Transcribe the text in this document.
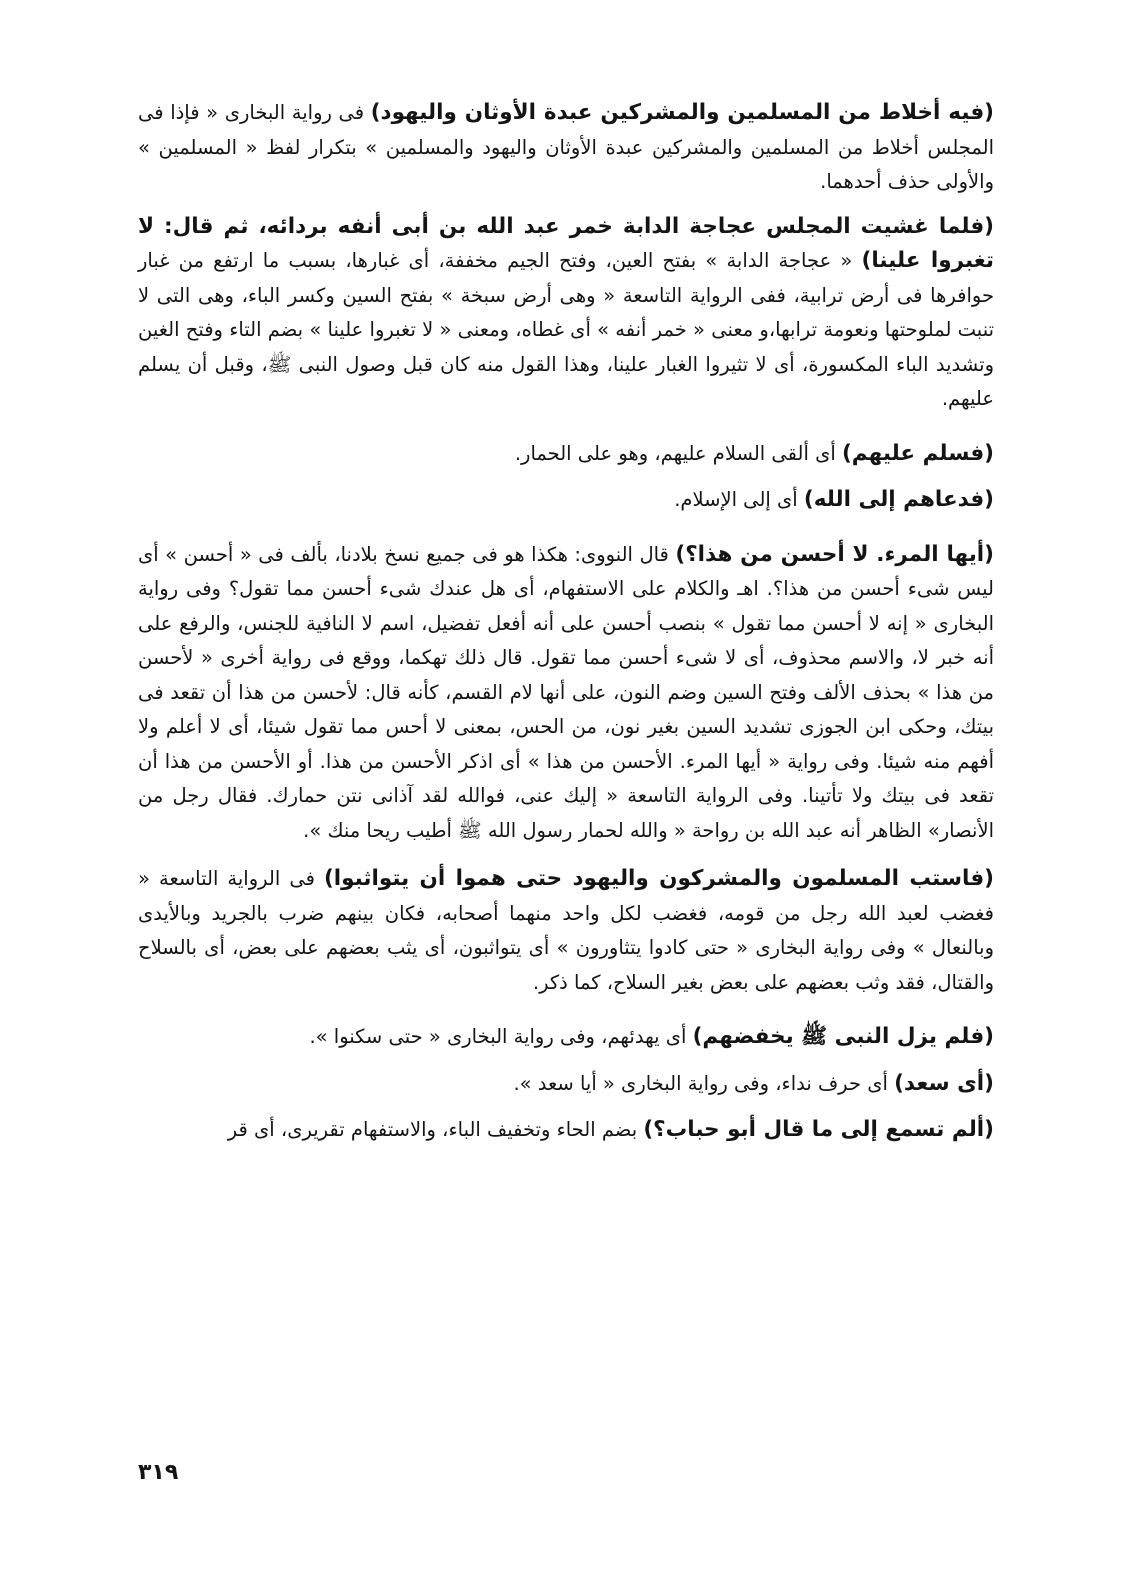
(فيه أخلاط من المسلمين والمشركين عبدة الأوثان واليهود) فى رواية البخارى « فإذا فى المجلس أخلاط من المسلمين والمشركين عبدة الأوثان واليهود والمسلمين » بتكرار لفظ « المسلمين » والأولى حذف أحدهما.

(فلما غشيت المجلس عجاجة الدابة خمر عبد الله بن أبى أنفه بردائه، ثم قال: لا تغبروا علينا) « عجاجة الدابة » بفتح العين، وفتح الجيم مخففة، أى غبارها، بسبب ما ارتفع من غبار حوافرها فى أرض ترابية، ففى الرواية التاسعة « وهى أرض سبخة » بفتح السين وكسر الباء، وهى التى لا تنبت لملوحتها ونعومة ترابها،و معنى « خمر أنفه » أى غطاه، ومعنى « لا تغبروا علينا » بضم التاء وفتح الغين وتشديد الباء المكسورة، أى لا تثيروا الغبار علينا، وهذا القول منه كان قبل وصول النبى ﷺ، وقبل أن يسلم عليهم.

(فسلم عليهم) أى ألقى السلام عليهم، وهو على الحمار.

(فدعاهم إلى الله) أى إلى الإسلام.

(أيها المرء. لا أحسن من هذا؟) قال النووى: هكذا هو فى جميع نسخ بلادنا، بألف فى « أحسن » أى ليس شىء أحسن من هذا؟. اهـ والكلام على الاستفهام، أى هل عندك شىء أحسن مما تقول؟ وفى رواية البخارى « إنه لا أحسن مما تقول » بنصب أحسن على أنه أفعل تفضيل، اسم لا النافية للجنس، والرفع على أنه خبر لا، والاسم محذوف، أى لا شىء أحسن مما تقول. قال ذلك تهكما، ووقع فى رواية أخرى « لأحسن من هذا » بحذف الألف وفتح السين وضم النون، على أنها لام القسم، كأنه قال: لأحسن من هذا أن تقعد فى بيتك، وحكى ابن الجوزى تشديد السين بغير نون، من الحس، بمعنى لا أحس مما تقول شيئا، أى لا أعلم ولا أفهم منه شيئا. وفى رواية « أيها المرء. الأحسن من هذا » أى اذكر الأحسن من هذا. أو الأحسن من هذا أن تقعد فى بيتك ولا تأتينا. وفى الرواية التاسعة « إليك عنى، فوالله لقد آذانى نتن حمارك. فقال رجل من الأنصار» الظاهر أنه عبد الله بن رواحة « والله لحمار رسول الله ﷺ أطيب ريحا منك ».

(فاستب المسلمون والمشركون واليهود حتى هموا أن يتواثبوا) فى الرواية التاسعة « فغضب لعبد الله رجل من قومه، فغضب لكل واحد منهما أصحابه، فكان بينهم ضرب بالجريد وبالأيدى وبالنعال » وفى رواية البخارى « حتى كادوا يتثاورون » أى يتواثبون، أى يثب بعضهم على بعض، أى بالسلاح والقتال، فقد وثب بعضهم على بعض بغير السلاح، كما ذكر.

(فلم يزل النبى ﷺ يخفضهم) أى يهدئهم، وفى رواية البخارى « حتى سكنوا ».

(أى سعد) أى حرف نداء، وفى رواية البخارى « أيا سعد ».

(ألم تسمع إلى ما قال أبو حباب؟) بضم الحاء وتخفيف الباء، والاستفهام تقريرى، أى قر

٣١٩
